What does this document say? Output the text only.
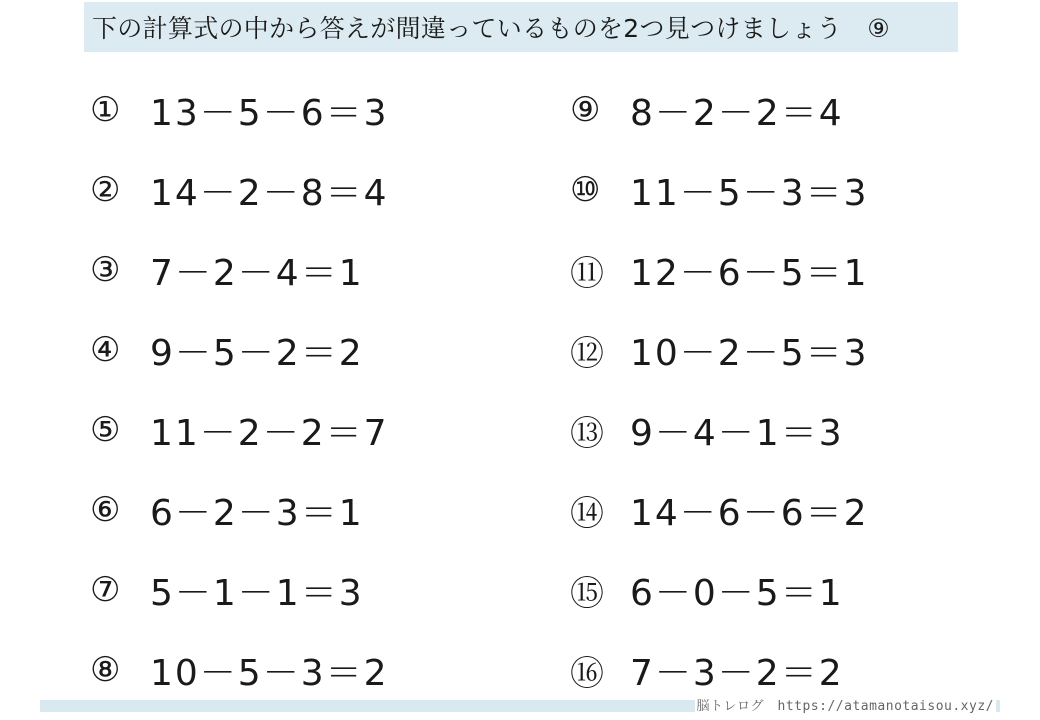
下の計算式の中から答えが間違っているものを2つ見つけましょう　⑨
① 13－5－6＝3
② 14－2－8＝4
③ 7－2－4＝1
④ 9－5－2＝2
⑤ 11－2－2＝7
⑥ 6－2－3＝1
⑦ 5－1－1＝3
⑧ 10－5－3＝2
⑨ 8－2－2＝4
⑩ 11－5－3＝3
⑪ 12－6－5＝1
⑫ 10－2－5＝3
⑬ 9－4－1＝3
⑭ 14－6－6＝2
⑮ 6－0－5＝1
⑯ 7－3－2＝2
脳トレログ　https://atamanotaisou.xyz/
